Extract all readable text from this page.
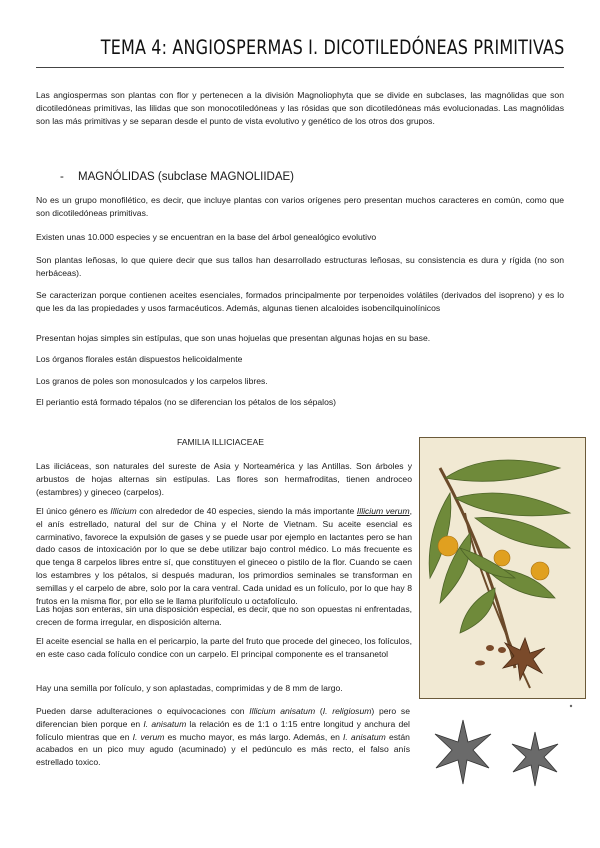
TEMA 4: ANGIOSPERMAS I. DICOTILEDÓNEAS PRIMITIVAS

Las angiospermas son plantas con flor y pertenecen a la división Magnoliophyta que se divide en subclases, las magnólidas que son dicotiledóneas primitivas, las lilidas que son monocotiledóneas y las rósidas que son dicotiledóneas más evolucionadas. Las magnólidas son las más primitivas y se separan desde el punto de vista evolutivo y genético de los otros dos grupos.

- MAGNÓLIDAS (subclase MAGNOLIIDAE)

No es un grupo monofilético, es decir, que incluye plantas con varios orígenes pero presentan muchos caracteres en común, como que son dicotiledóneas primitivas.

Existen unas 10.000 especies y se encuentran en la base del árbol genealógico evolutivo

Son plantas leñosas, lo que quiere decir que sus tallos han desarrollado estructuras leñosas, su consistencia es dura y rígida (no son herbáceas).

Se caracterizan porque contienen aceites esenciales, formados principalmente por terpenoides volátiles (derivados del isopreno) y es lo que les da las propiedades y usos farmacéuticos. Además, algunas tienen alcaloides isobencilquinolínicos

Presentan hojas simples sin estípulas, que son unas hojuelas que presentan algunas hojas en su base.

Los órganos florales están dispuestos helicoidalmente

Los granos de poles son monosulcados y los carpelos libres.

El periantio está formado tépalos (no se diferencian los pétalos de los sépalos)

FAMILIA ILLICIACEAE

Las iliciáceas, son naturales del sureste de Asia y Norteamérica y las Antillas. Son árboles y arbustos de hojas alternas sin estípulas. Las flores son hermafroditas, tienen androceo (estambres) y gineceo (carpelos).

El único género es Illicium con alrededor de 40 especies, siendo la más importante Illicium verum, el anís estrellado, natural del sur de China y el Norte de Vietnam. Su aceite esencial es carminativo, favorece la expulsión de gases y se puede usar por ejemplo en lactantes pero se han dado casos de intoxicación por lo que se debe utilizar bajo control médico. Lo más frecuente es que tenga 8 carpelos libres entre sí, que constituyen el gineceo o pistilo de la flor. Cuando se caen los estambres y los pétalos, si después maduran, los primordios seminales se transforman en semillas y el carpelo de abre, solo por la cara ventral. Cada unidad es un folículo, por lo que hay 8 frutos en la misma flor, por ello se le llama plurifolículo u octafolículo.

Las hojas son enteras, sin una disposición especial, es decir, que no son opuestas ni enfrentadas, crecen de forma irregular, en disposición alterna.

El aceite esencial se halla en el pericarpio, la parte del fruto que procede del gineceo, los folículos, en este caso cada folículo condice con un carpelo. El principal componente es el transanetol

Hay una semilla por folículo, y son aplastadas, comprimidas y de 8 mm de largo.

Pueden darse adulteraciones o equivocaciones con Illicium anisatum (I. religiosum) pero se diferencian bien porque en I. anisatum la relación es de 1:1 o 1:15 entre longitud y anchura del folículo mientras que en I. verum es mucho mayor, es más largo. Además, en I. anisatum están acabados en un pico muy agudo (acuminado) y el pedúnculo es más recto, el falso anís estrellado toxico.
